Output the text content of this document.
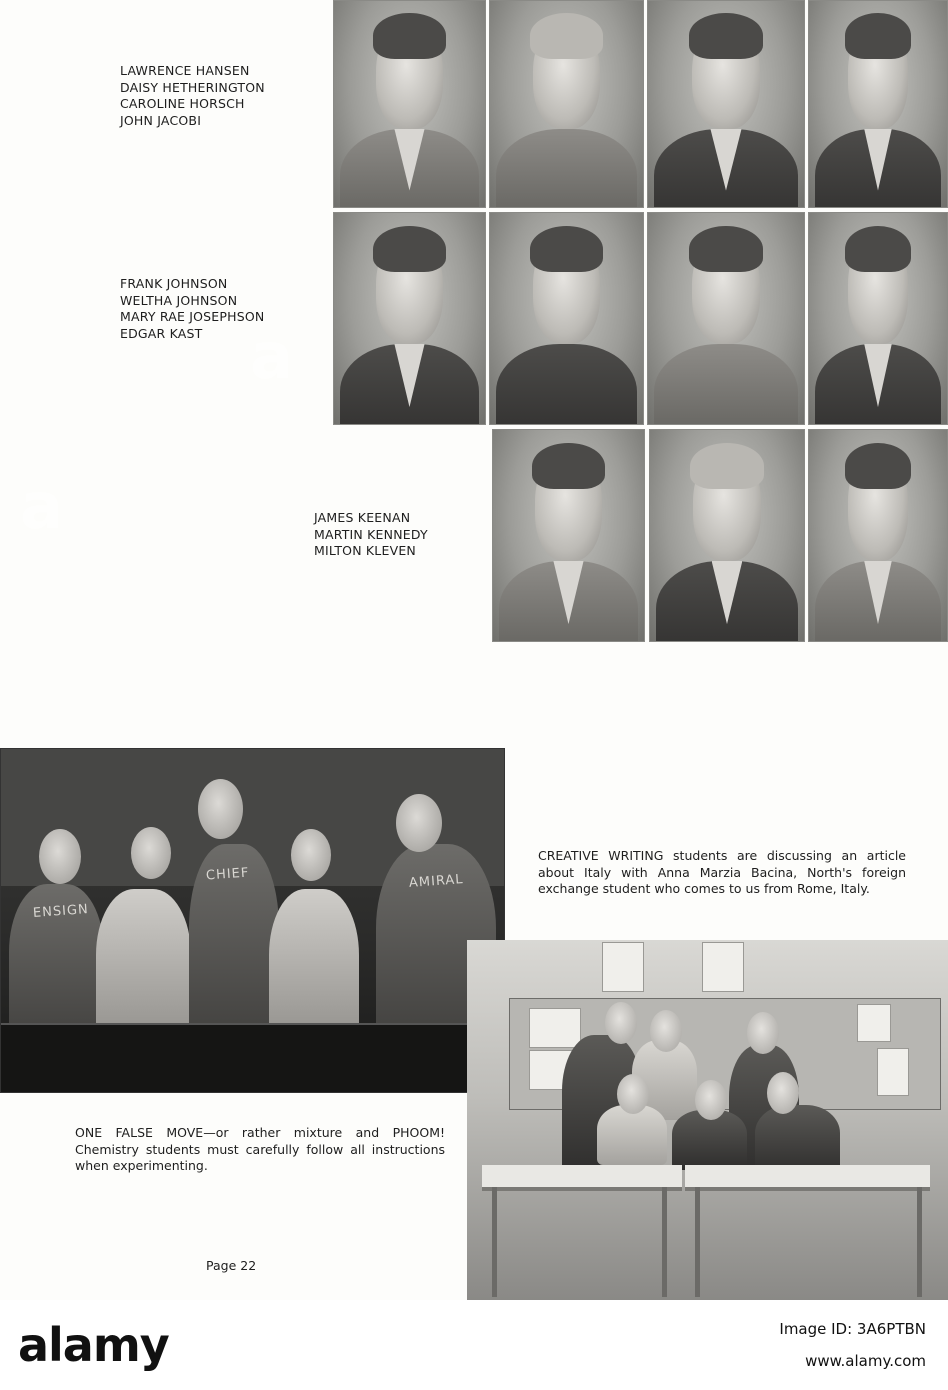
LAWRENCE HANSEN
DAISY HETHERINGTON
CAROLINE HORSCH
JOHN JACOBI
FRANK JOHNSON
WELTHA JOHNSON
MARY RAE JOSEPHSON
EDGAR KAST
JAMES KEENAN
MARTIN KENNEDY
MILTON KLEVEN
ENSIGN
CHIEF	AMIRAL
CREATIVE WRITING students are discussing an article about Italy with Anna Marzia Bacina, North's foreign exchange student who comes to us from Rome, Italy.
ONE FALSE MOVE—or rather mixture and PHOOM! Chemistry students must carefully follow all instructions when experimenting.
Page 22
a
a
alamy	Image ID: 3A6PTBN
www.alamy.com
